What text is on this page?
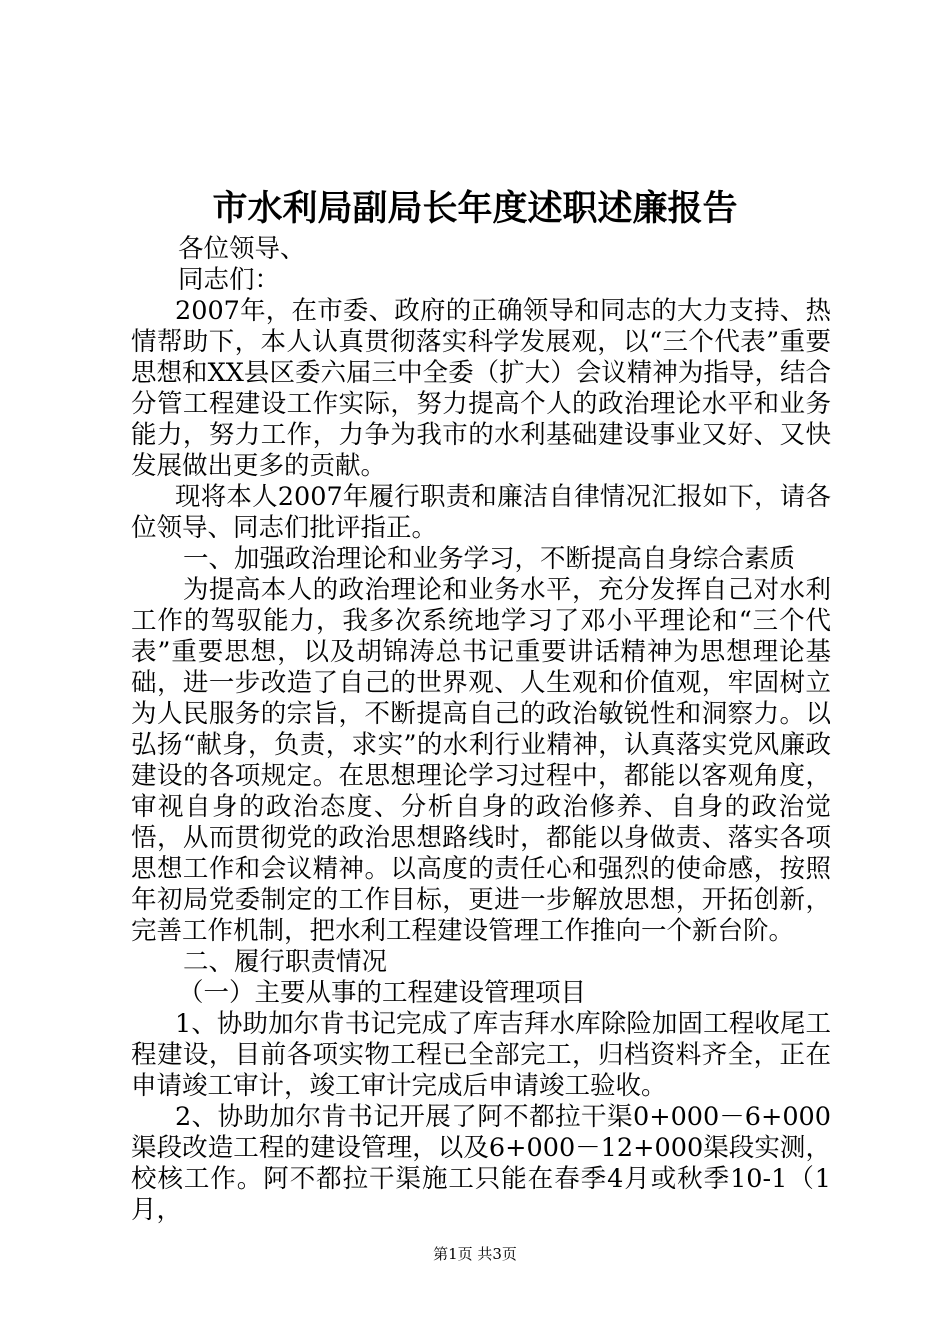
市水利局副局长年度述职述廉报告

各位领导、

同志们：

2007年，在市委、政府的正确领导和同志的大力支持、热情帮助下，本人认真贯彻落实科学发展观，以“三个代表”重要思想和XX县区委六届三中全委（扩大）会议精神为指导，结合分管工程建设工作实际，努力提高个人的政治理论水平和业务能力，努力工作，力争为我市的水利基础建设事业又好、又快发展做出更多的贡献。

现将本人2007年履行职责和廉洁自律情况汇报如下，请各位领导、同志们批评指正。

一、加强政治理论和业务学习，不断提高自身综合素质

为提高本人的政治理论和业务水平，充分发挥自己对水利工作的驾驭能力，我多次系统地学习了邓小平理论和“三个代表”重要思想，以及胡锦涛总书记重要讲话精神为思想理论基础，进一步改造了自己的世界观、人生观和价值观，牢固树立为人民服务的宗旨，不断提高自己的政治敏锐性和洞察力。以弘扬“献身，负责，求实”的水利行业精神，认真落实党风廉政建设的各项规定。在思想理论学习过程中，都能以客观角度，审视自身的政治态度、分析自身的政治修养、自身的政治觉悟，从而贯彻党的政治思想路线时，都能以身做责、落实各项思想工作和会议精神。以高度的责任心和强烈的使命感，按照年初局党委制定的工作目标，更进一步解放思想，开拓创新，完善工作机制，把水利工程建设管理工作推向一个新台阶。

二、履行职责情况

（一）主要从事的工程建设管理项目

1、协助加尔肯书记完成了库吉拜水库除险加固工程收尾工程建设，目前各项实物工程已全部完工，归档资料齐全，正在申请竣工审计，竣工审计完成后申请竣工验收。

2、协助加尔肯书记开展了阿不都拉干渠0+000－6+000渠段改造工程的建设管理，以及6+000－12+000渠段实测，校核工作。阿不都拉干渠施工只能在春季4月或秋季10-1（1月，

第1页 共3页
